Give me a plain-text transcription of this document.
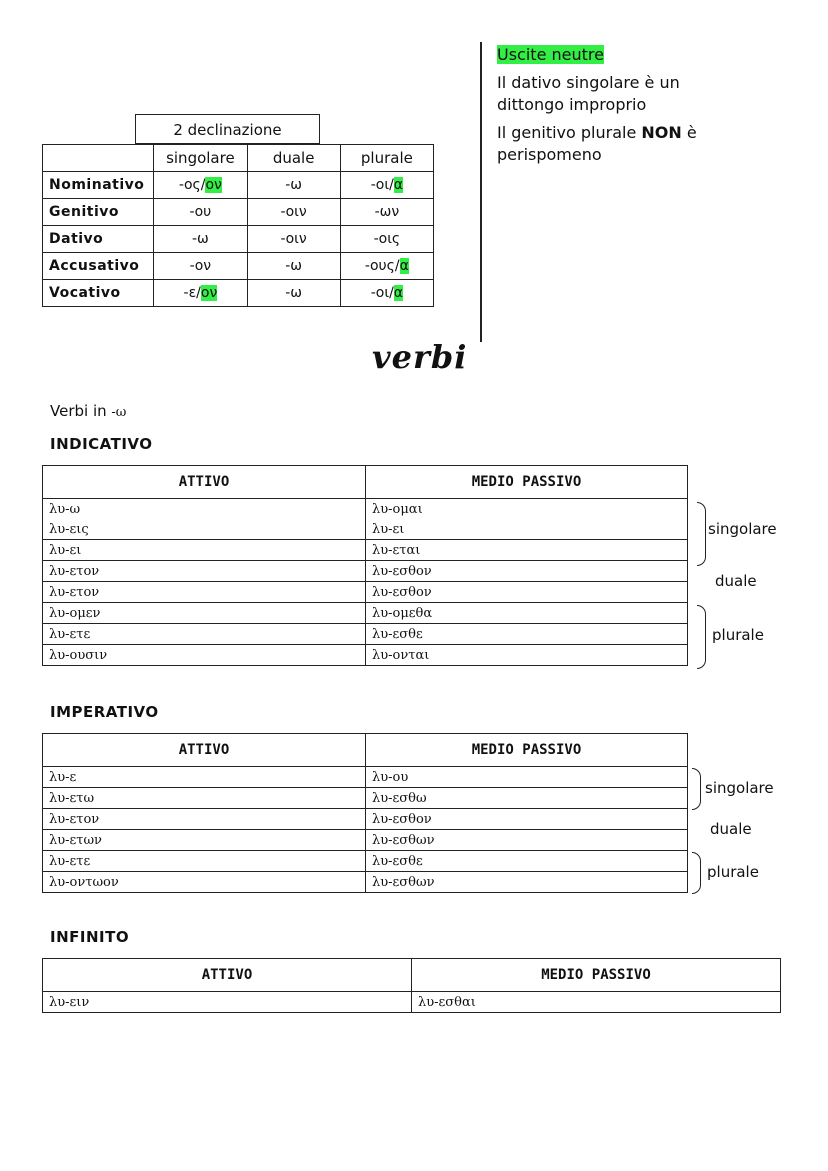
2 declinazione
	singolare	duale	plurale
Nominativo	-ος/ον	-ω	-οι/α
Genitivo	-ου	-οιν	-ων
Dativo	-ω	-οιν	-οις
Accusativo	-ον	-ω	-ους/α
Vocativo	-ε/ον	-ω	-οι/α

Uscite neutre

Il dativo singolare è un dittongo improprio

Il genitivo plurale NON è perispomeno

verbi
Verbi in -ω
INDICATIVO
ATTIVO	MEDIO PASSIVO
λυ-ω	λυ-ομαι
λυ-εις	λυ-ει
λυ-ει	λυ-εται
λυ-ετον	λυ-εσθον
λυ-ετον	λυ-εσθον
λυ-ομεν	λυ-ομεθα
λυ-ετε	λυ-εσθε
λυ-ουσιν	λυ-ονται
singolare
duale
plurale
IMPERATIVO
ATTIVO	MEDIO PASSIVO
λυ-ε	λυ-ου
λυ-ετω	λυ-εσθω
λυ-ετον	λυ-εσθον
λυ-ετων	λυ-εσθων
λυ-ετε	λυ-εσθε
λυ-οντωον	λυ-εσθων
singolare
duale
plurale
INFINITO
ATTIVO	MEDIO PASSIVO
λυ-ειν	λυ-εσθαι
